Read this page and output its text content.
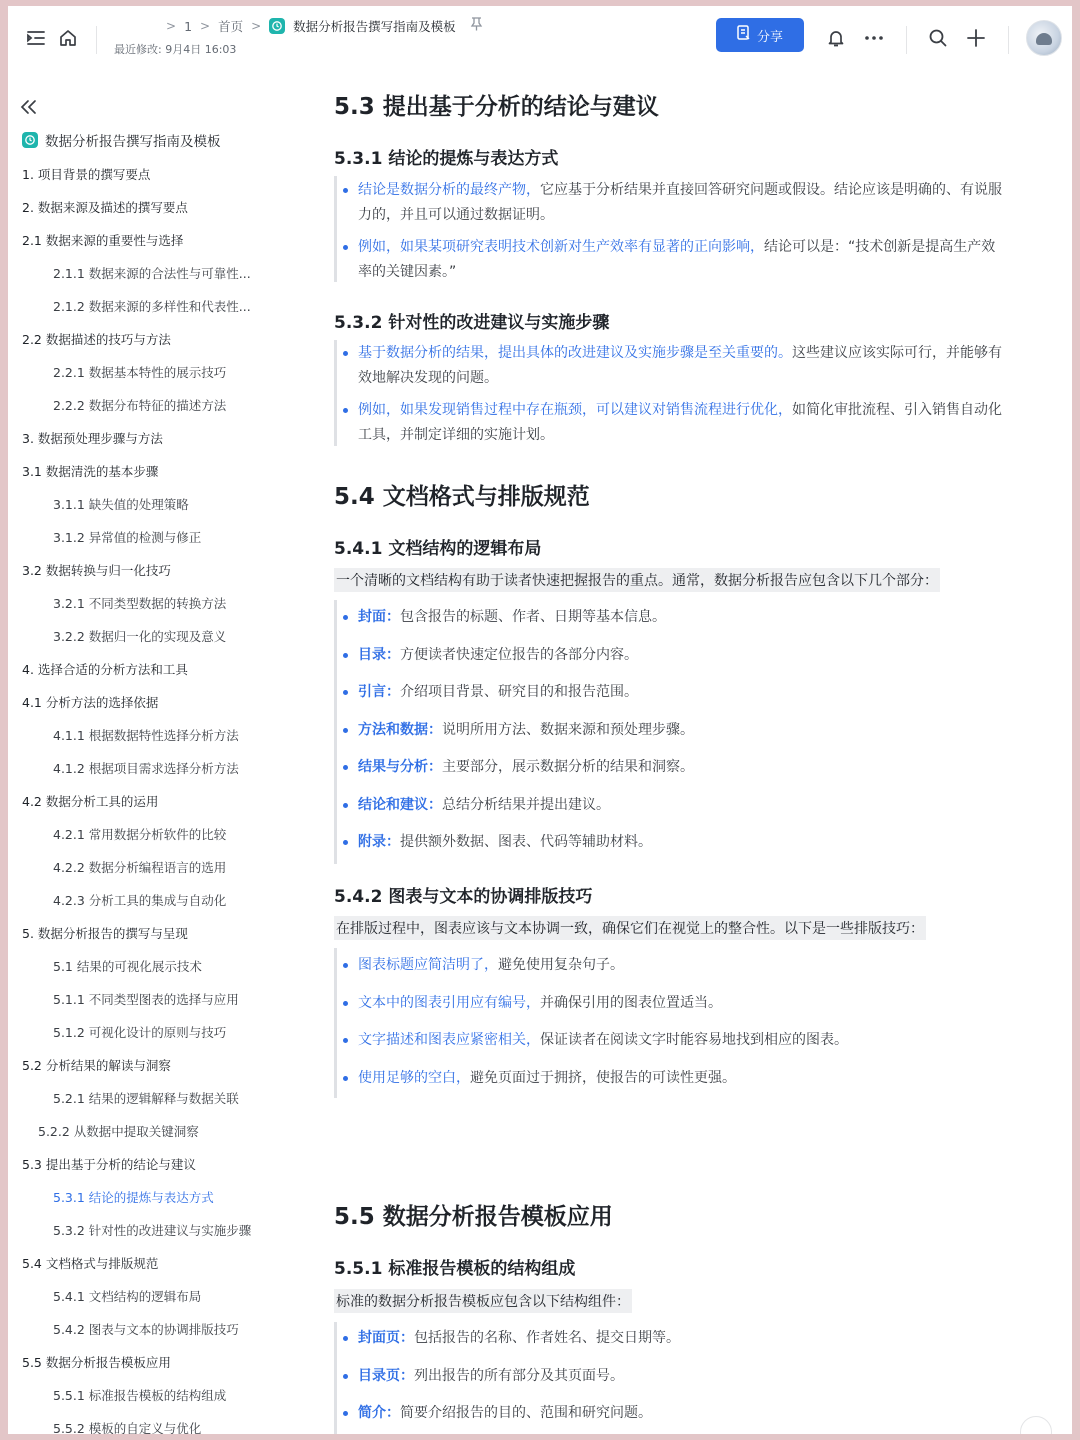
> 1 > 首页 >	数据分析报告撰写指南及模板
最近修改: 9月4日 16:03
分享
数据分析报告撰写指南及模板
1. 项目背景的撰写要点
2. 数据来源及描述的撰写要点
2.1 数据来源的重要性与选择
2.1.1 数据来源的合法性与可靠性...
2.1.2 数据来源的多样性和代表性...
2.2 数据描述的技巧与方法
2.2.1 数据基本特性的展示技巧
2.2.2 数据分布特征的描述方法
3. 数据预处理步骤与方法
3.1 数据清洗的基本步骤
3.1.1 缺失值的处理策略
3.1.2 异常值的检测与修正
3.2 数据转换与归一化技巧
3.2.1 不同类型数据的转换方法
3.2.2 数据归一化的实现及意义
4. 选择合适的分析方法和工具
4.1 分析方法的选择依据
4.1.1 根据数据特性选择分析方法
4.1.2 根据项目需求选择分析方法
4.2 数据分析工具的运用
4.2.1 常用数据分析软件的比较
4.2.2 数据分析编程语言的选用
4.2.3 分析工具的集成与自动化
5. 数据分析报告的撰写与呈现
5.1 结果的可视化展示技术
5.1.1 不同类型图表的选择与应用
5.1.2 可视化设计的原则与技巧
5.2 分析结果的解读与洞察
5.2.1 结果的逻辑解释与数据关联
5.2.2 从数据中提取关键洞察
5.3 提出基于分析的结论与建议
5.3.1 结论的提炼与表达方式
5.3.2 针对性的改进建议与实施步骤
5.4 文档格式与排版规范
5.4.1 文档结构的逻辑布局
5.4.2 图表与文本的协调排版技巧
5.5 数据分析报告模板应用
5.5.1 标准报告模板的结构组成
5.5.2 模板的自定义与优化
5.3 提出基于分析的结论与建议
5.3.1 结论的提炼与表达方式
结论是数据分析的最终产物，它应基于分析结果并直接回答研究问题或假设。结论应该是明确的、有说服力的，并且可以通过数据证明。
例如，如果某项研究表明技术创新对生产效率有显著的正向影响，结论可以是：“技术创新是提高生产效率的关键因素。”
5.3.2 针对性的改进建议与实施步骤
基于数据分析的结果，提出具体的改进建议及实施步骤是至关重要的。这些建议应该实际可行，并能够有效地解决发现的问题。
例如，如果发现销售过程中存在瓶颈，可以建议对销售流程进行优化，如简化审批流程、引入销售自动化工具，并制定详细的实施计划。
5.4 文档格式与排版规范
5.4.1 文档结构的逻辑布局
一个清晰的文档结构有助于读者快速把握报告的重点。通常，数据分析报告应包含以下几个部分：
封面：包含报告的标题、作者、日期等基本信息。
目录：方便读者快速定位报告的各部分内容。
引言：介绍项目背景、研究目的和报告范围。
方法和数据：说明所用方法、数据来源和预处理步骤。
结果与分析：主要部分，展示数据分析的结果和洞察。
结论和建议：总结分析结果并提出建议。
附录：提供额外数据、图表、代码等辅助材料。
5.4.2 图表与文本的协调排版技巧
在排版过程中，图表应该与文本协调一致，确保它们在视觉上的整合性。以下是一些排版技巧：
图表标题应简洁明了，避免使用复杂句子。
文本中的图表引用应有编号，并确保引用的图表位置适当。
文字描述和图表应紧密相关，保证读者在阅读文字时能容易地找到相应的图表。
使用足够的空白，避免页面过于拥挤，使报告的可读性更强。
5.5 数据分析报告模板应用
5.5.1 标准报告模板的结构组成
标准的数据分析报告模板应包含以下结构组件：
封面页：包括报告的名称、作者姓名、提交日期等。
目录页：列出报告的所有部分及其页面号。
简介：简要介绍报告的目的、范围和研究问题。
